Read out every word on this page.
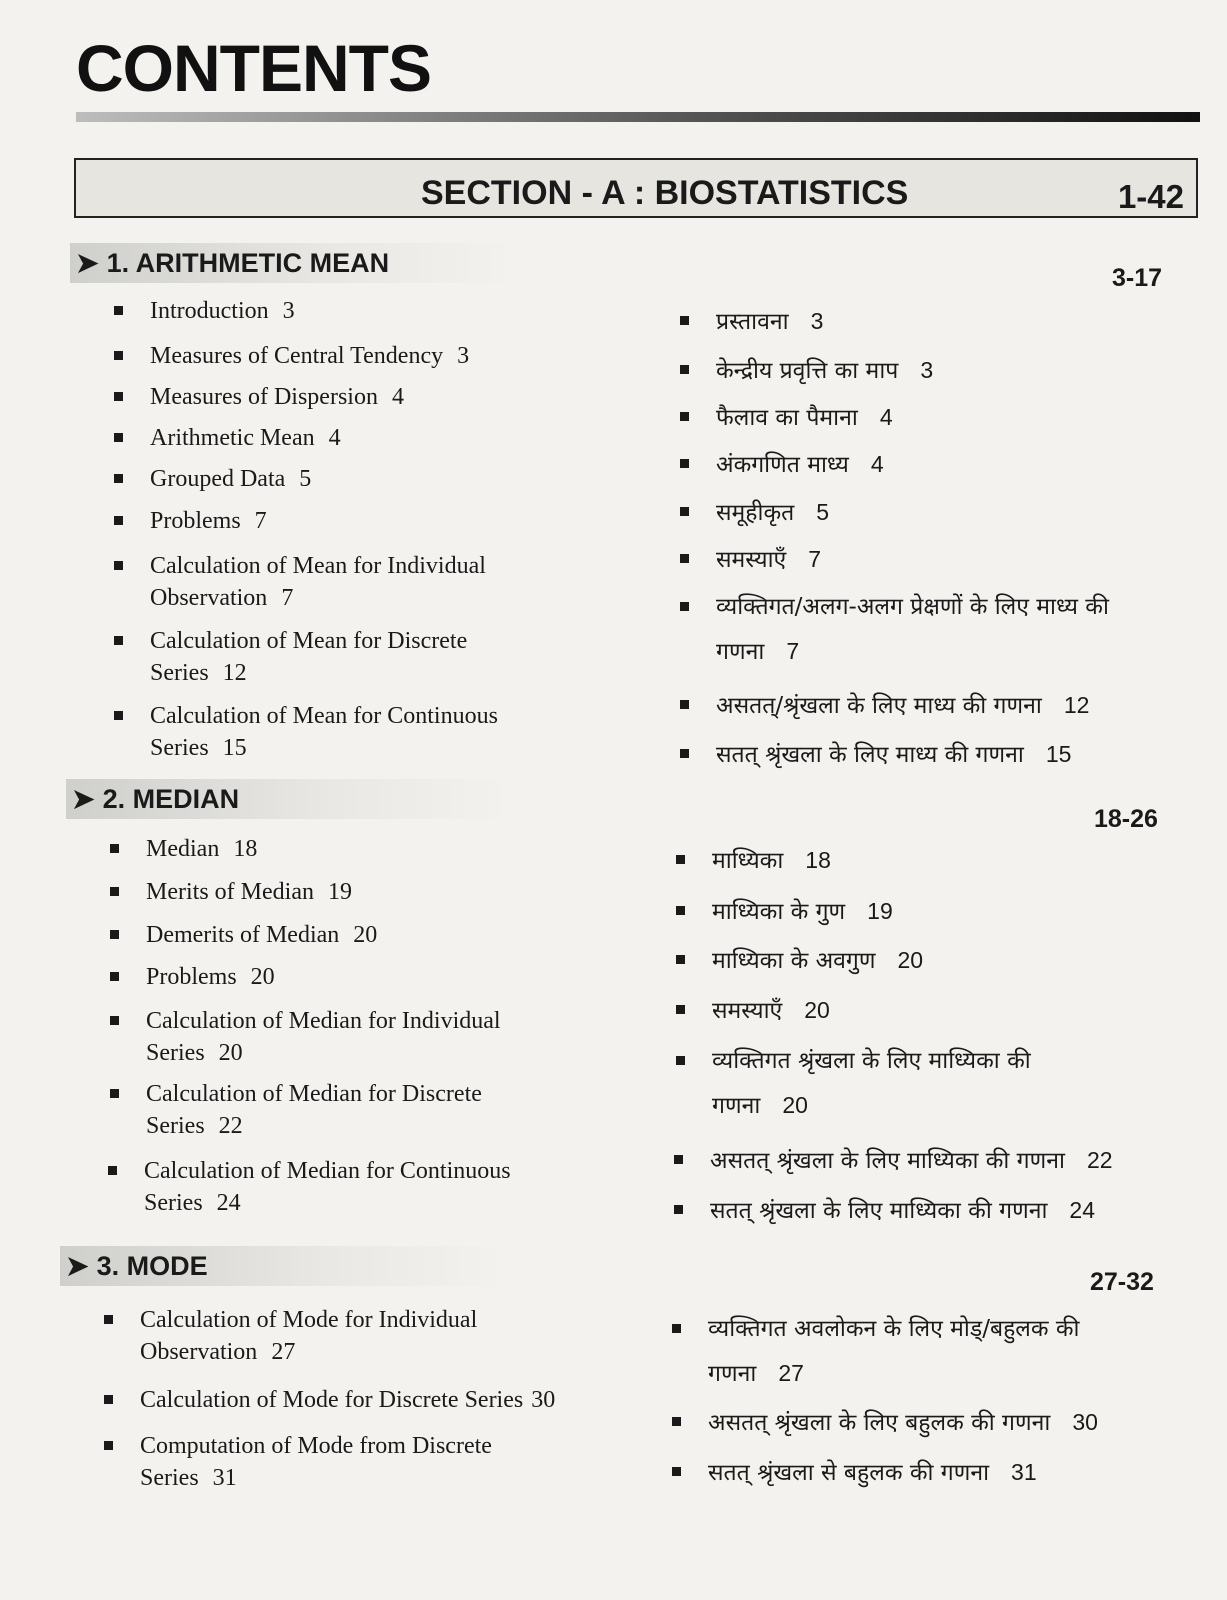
CONTENTS
SECTION - A : BIOSTATISTICS	1-42
➤ 1. ARITHMETIC MEAN	3-17
Introduction 3
Measures of Central Tendency 3
Measures of Dispersion 4
Arithmetic Mean 4
Grouped Data 5
Problems 7
Calculation of Mean for Individual
Observation 7
Calculation of Mean for Discrete
Series 12
Calculation of Mean for Continuous
Series 15
प्रस्तावना 3
केन्द्रीय प्रवृत्ति का माप 3
फैलाव का पैमाना 4
अंकगणित माध्य 4
समूहीकृत 5
समस्याएँ 7
व्यक्तिगत/अलग-अलग प्रेक्षणों के लिए माध्य की
गणना 7
असतत्/श्रृंखला के लिए माध्य की गणना 12
सतत् श्रृंखला के लिए माध्य की गणना 15
➤ 2. MEDIAN
18-26
Median 18
Merits of Median 19
Demerits of Median 20
Problems 20
Calculation of Median for Individual
Series 20
Calculation of Median for Discrete
Series 22
Calculation of Median for Continuous
Series 24
माध्यिका 18
माध्यिका के गुण 19
माध्यिका के अवगुण 20
समस्याएँ 20
व्यक्तिगत श्रृंखला के लिए माध्यिका की
गणना 20
असतत् श्रृंखला के लिए माध्यिका की गणना 22
सतत् श्रृंखला के लिए माध्यिका की गणना 24
➤ 3. MODE
27-32
Calculation of Mode for Individual
Observation 27
Calculation of Mode for Discrete Series 30
Computation of Mode from Discrete
Series 31
व्यक्तिगत अवलोकन के लिए मोड्/बहुलक की
गणना 27
असतत् श्रृंखला के लिए बहुलक की गणना 30
सतत् श्रृंखला से बहुलक की गणना 31
